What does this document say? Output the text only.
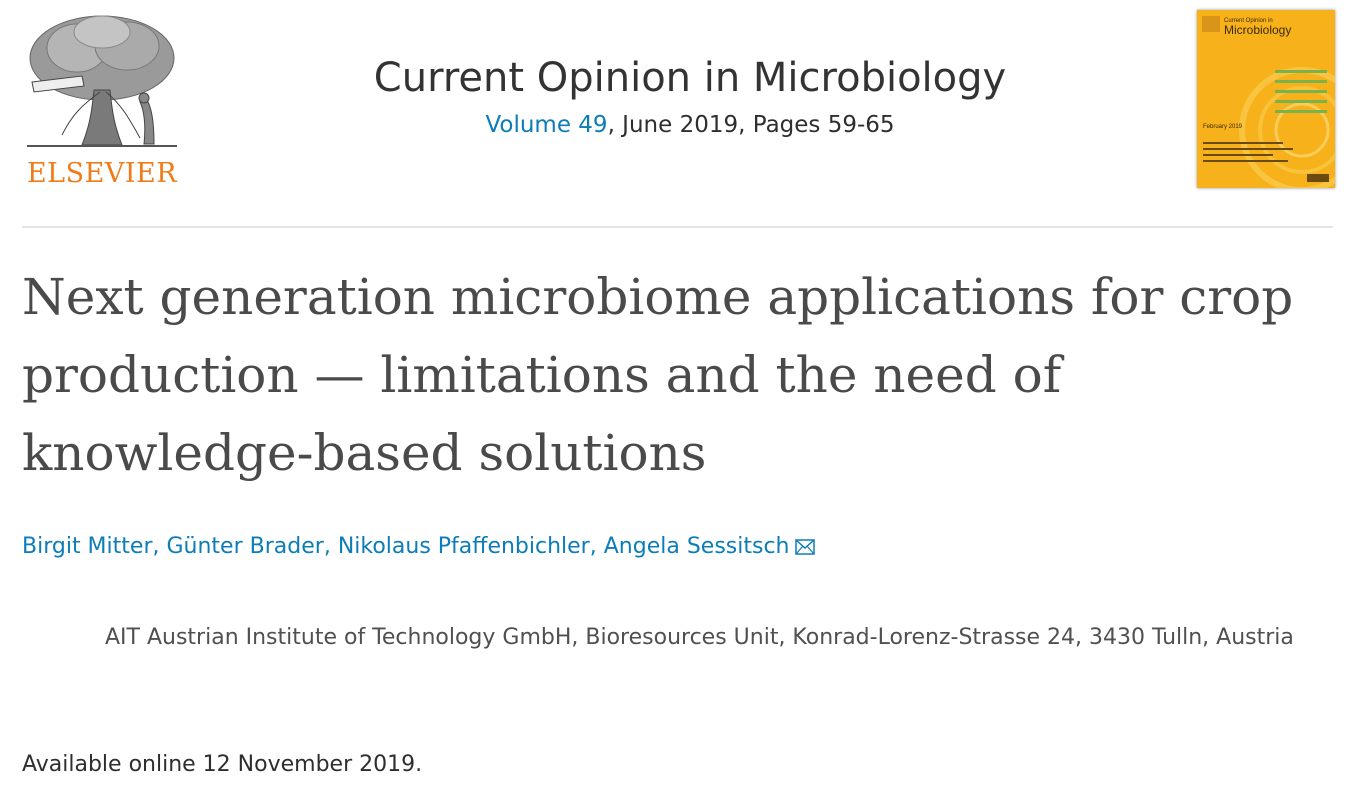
ELSEVIER
Current Opinion in Microbiology
Volume 49, June 2019, Pages 59-65
Current Opinion in
Microbiology
February 2019
Next generation microbiome applications for crop production — limitations and the need of knowledge-based solutions
Birgit Mitter, Günter Brader, Nikolaus Pfaffenbichler, Angela Sessitsch
AIT Austrian Institute of Technology GmbH, Bioresources Unit, Konrad-Lorenz-Strasse 24, 3430 Tulln, Austria
Available online 12 November 2019.
